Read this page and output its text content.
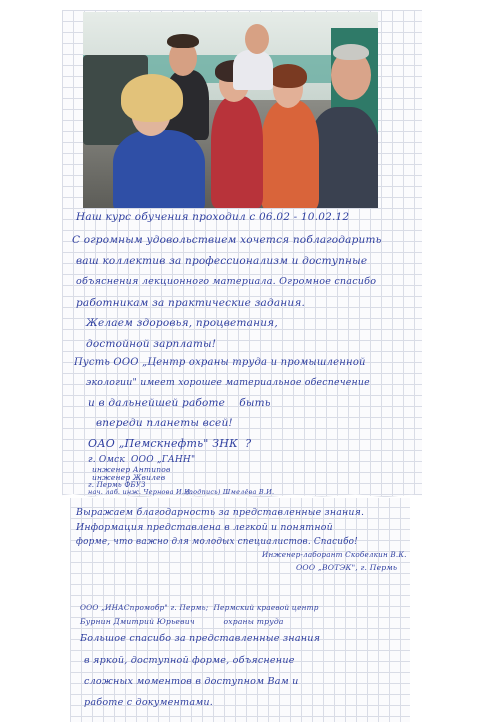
Наш курс обучения проходил с 06.02 - 10.02.12

С огромным удовольствием хочется поблагодарить

ваш коллектив за профессионализм и доступные

объяснения лекционного материала. Огромное спасибо

работникам за практические задания.

Желаем здоровья, процветания,

достойной зарплаты!

Пусть ООО „Центр охраны труда и промышленной

экологии" имеет хорошее материальное обеспечение

и в дальнейшей работе    быть

впереди планеты всей!

ОАО „Пемскнефть" ЗНК  ?

г. Омск  ООО „ГАНН"

инженер Антипов

инженер Жвилев

г. Пермь ФБУЗ

нач. лаб. инж. Чернова И.Н.

(подпись) Шмелёва В.И.

Выражаем благодарность за представленные знания.

Информация представлена в легкой и понятной

форме, что важно для молодых специалистов. Спасибо!

Инженер-лаборант Скобелкин В.К.

ООО „ВОТЭК", г. Пермь

ООО „ИНАСпромобр" г. Пермь;  Пермский краевой центр

Бурнин Дмитрий Юрьевич           охраны труда

Большое спасибо за представленные знания

в яркой, доступной форме, объяснение

сложных моментов в доступном Вам и

работе с документами.
